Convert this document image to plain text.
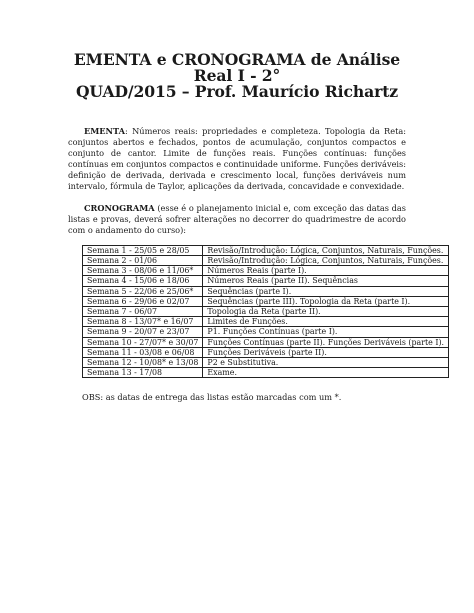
EMENTA e CRONOGRAMA de Análise Real I - 2°
QUAD/2015 – Prof. Maurício Richartz

EMENTA: Números reais: propriedades e completeza. Topologia da Reta: conjuntos abertos e fechados, pontos de acumulação, conjuntos compactos e conjunto de cantor. Limite de funções reais. Funções contínuas: funções contínuas em conjuntos compactos e continuidade uniforme. Funções deriváveis: definição de derivada, derivada e crescimento local, funções deriváveis num intervalo, fórmula de Taylor, aplicações da derivada, concavidade e convexidade.

CRONOGRAMA (esse é o planejamento inicial e, com exceção das datas das listas e provas, deverá sofrer alterações no decorrer do quadrimestre de acordo com o andamento do curso):

Semana 1 - 25/05 e 28/05	Revisão/Introdução: Lógica, Conjuntos, Naturais, Funções.
Semana 2 - 01/06	Revisão/Introdução: Lógica, Conjuntos, Naturais, Funções.
Semana 3 - 08/06 e 11/06*	Números Reais (parte I).
Semana 4 - 15/06 e 18/06	Números Reais (parte II). Sequências
Semana 5 - 22/06 e 25/06*	Sequências (parte I).
Semana 6 - 29/06 e 02/07	Sequências (parte III). Topologia da Reta (parte I).
Semana 7 - 06/07	Topologia da Reta (parte II).
Semana 8 - 13/07* e 16/07	Limites de Funções.
Semana 9 - 20/07 e 23/07	P1. Funções Contínuas (parte I).
Semana 10 - 27/07* e 30/07	Funções Contínuas (parte II). Funções Deriváveis (parte I).
Semana 11 - 03/08 e 06/08	Funções Deriváveis (parte II).
Semana 12 - 10/08* e 13/08	P2 e Substitutiva.
Semana 13 - 17/08	Exame.

OBS: as datas de entrega das listas estão marcadas com um *.
